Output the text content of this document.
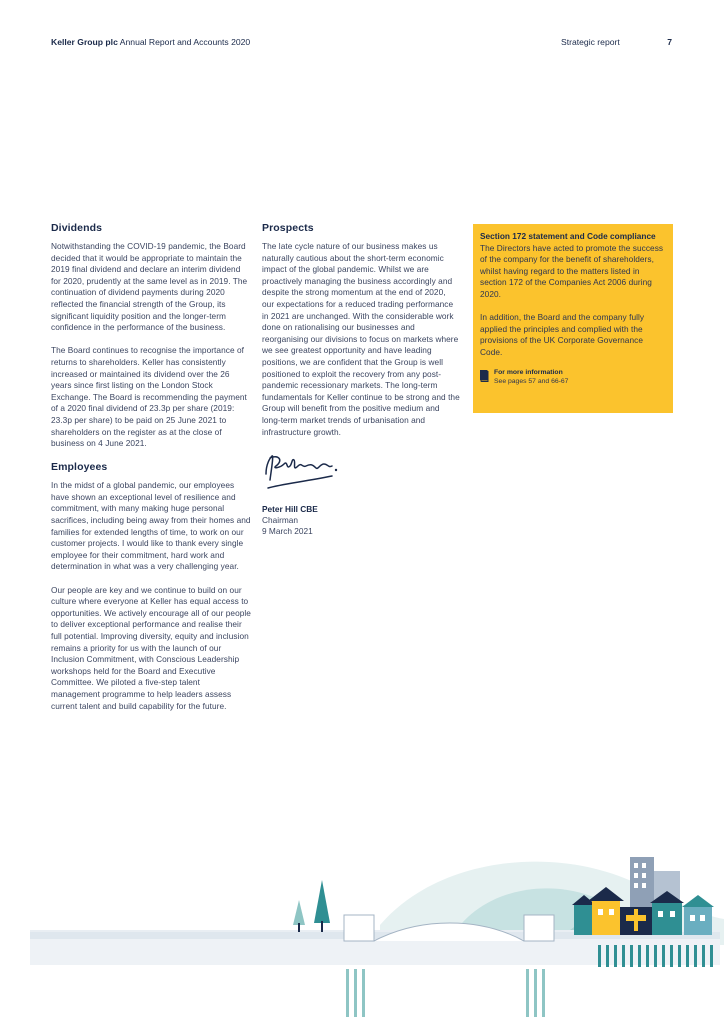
Keller Group plc Annual Report and Accounts 2020	Strategic report	7
Dividends

Notwithstanding the COVID-19 pandemic, the Board decided that it would be appropriate to maintain the 2019 final dividend and declare an interim dividend for 2020, prudently at the same level as in 2019. The continuation of dividend payments during 2020 reflected the financial strength of the Group, its significant liquidity position and the longer-term confidence in the performance of the business.

The Board continues to recognise the importance of returns to shareholders. Keller has consistently increased or maintained its dividend over the 26 years since first listing on the London Stock Exchange. The Board is recommending the payment of a 2020 final dividend of 23.3p per share (2019: 23.3p per share) to be paid on 25 June 2021 to shareholders on the register as at the close of business on 4 June 2021.

Employees

In the midst of a global pandemic, our employees have shown an exceptional level of resilience and commitment, with many making huge personal sacrifices, including being away from their homes and families for extended lengths of time, to work on our customer projects. I would like to thank every single employee for their commitment, hard work and determination in what was a very challenging year.

Our people are key and we continue to build on our culture where everyone at Keller has equal access to opportunities. We actively encourage all of our people to deliver exceptional performance and realise their full potential. Improving diversity, equity and inclusion remains a priority for us with the launch of our Inclusion Commitment, with Conscious Leadership workshops held for the Board and Executive Committee. We piloted a five-step talent management programme to help leaders assess current talent and build capability for the future.

Prospects

The late cycle nature of our business makes us naturally cautious about the short-term economic impact of the global pandemic. Whilst we are proactively managing the business accordingly and despite the strong momentum at the end of 2020, our expectations for a reduced trading performance in 2021 are unchanged. With the considerable work done on rationalising our businesses and reorganising our divisions to focus on markets where we see greatest opportunity and have leading positions, we are confident that the Group is well positioned to exploit the recovery from any post-pandemic recessionary markets. The long-term fundamentals for Keller continue to be strong and the Group will benefit from the positive medium and long-term market trends of urbanisation and infrastructure growth.

Peter Hill CBE
Chairman
9 March 2021
Section 172 statement and Code compliance

The Directors have acted to promote the success of the company for the benefit of shareholders, whilst having regard to the matters listed in section 172 of the Companies Act 2006 during 2020.

In addition, the Board and the company fully applied the principles and complied with the provisions of the UK Corporate Governance Code.

For more information
See pages 57 and 66-67
